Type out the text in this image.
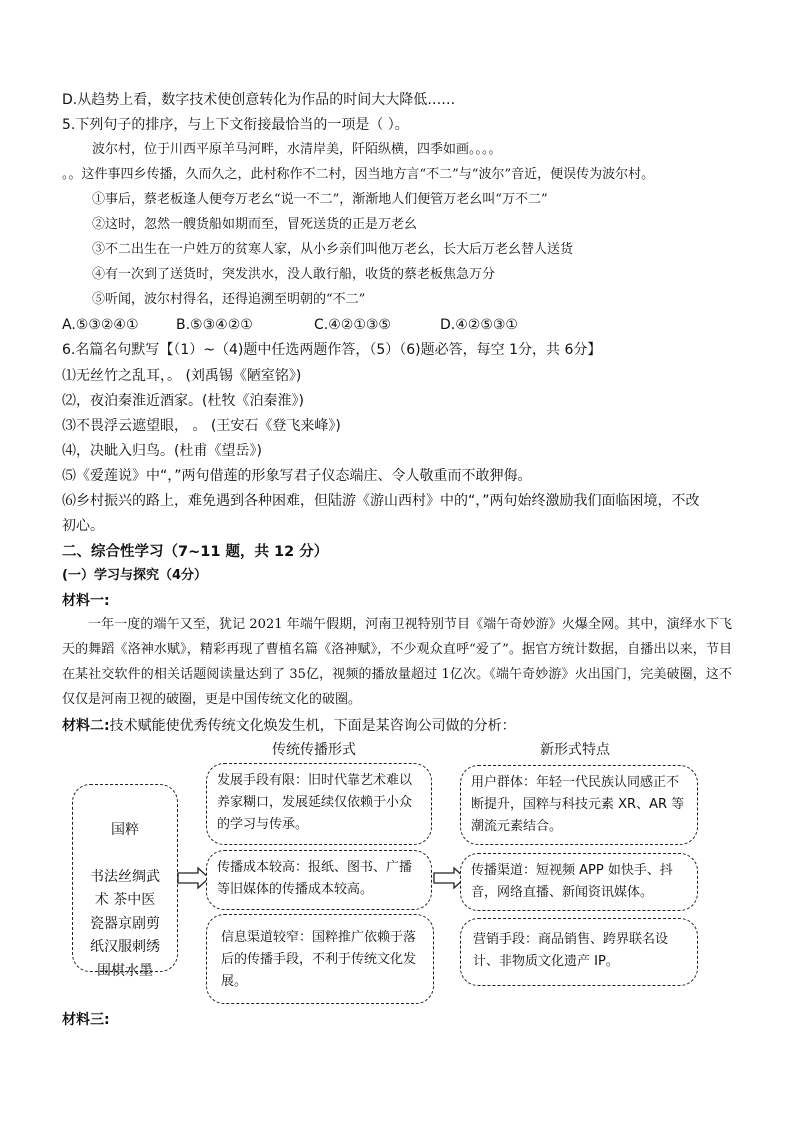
D.从趋势上看，数字技术使创意转化为作品的时间大大降低……
5.下列句子的排序，与上下文衔接最恰当的一项是（ ）。
波尔村，位于川西平原羊马河畔，水清岸美，阡陌纵横，四季如画。。。。
。。这件事四乡传播，久而久之，此村称作不二村，因当地方言“不二”与“波尔”音近，便误传为波尔村。
①事后，蔡老板逢人便夸万老幺“说一不二”，渐渐地人们便管万老幺叫“万不二”
②这时，忽然一艘货船如期而至，冒死送货的正是万老幺
③不二出生在一户姓万的贫寒人家，从小乡亲们叫他万老幺，长大后万老幺替人送货
④有一次到了送货时，突发洪水，没人敢行船，收货的蔡老板焦急万分
⑤听闻，波尔村得名，还得追溯至明朝的“不二”
A.⑤③②④①	B.⑤③④②①	C.④②①③⑤	D.④②⑤③①
6.名篇名句默写【（1）~（4)题中任选两题作答，（5）（6)题必答，每空 1分，共 6分】
⑴无丝竹之乱耳，。 (刘禹锡《陋室铭》)
⑵，夜泊秦淮近酒家。(杜牧《泊秦淮》)
⑶不畏浮云遮望眼， 。 (王安石《登飞来峰》)
⑷，决眦入归鸟。(杜甫《望岳》)
⑸《爱莲说》中“，”两句借莲的形象写君子仪态端庄、令人敬重而不敢狎侮。
⑹乡村振兴的路上，难免遇到各种困难，但陆游《游山西村》中的“，”两句始终激励我们面临困境，不改
初心。
二、综合性学习（7~11 题，共 12 分）
(一）学习与探究（4分）
材料一:
一年一度的端午又至，犹记 2021 年端午假期，河南卫视特别节目《端午奇妙游》火爆全网。其中，演绎水下飞天的舞蹈《洛神水赋》，精彩再现了曹植名篇《洛神赋》，不少观众直呼“爱了”。据官方统计数据，自播出以来，节目在某社交软件的相关话题阅读量达到了 35亿，视频的播放量超过 1亿次。《端午奇妙游》火出国门，完美破圈，这不仅仅是河南卫视的破圈，更是中国传统文化的破圈。
材料二:技术赋能使优秀传统文化焕发生机，下面是某咨询公司做的分析：
传统传播形式	新形式特点

国粹

书法丝绸武
术 茶中医
瓷器京剧剪
纸汉服刺绣
围棋水墨

发展手段有限：旧时代靠艺术难以养家糊口，发展延续仅依赖于小众的学习与传承。
传播成本较高：报纸、图书、广播等旧媒体的传播成本较高。
信息渠道较窄：国粹推广依赖于落后的传播手段，不利于传统文化发展。
用户群体：年轻一代民族认同感正不断提升，国粹与科技元素 XR、AR 等潮流元素结合。
传播渠道：短视频 APP 如快手、抖音，网络直播、新闻资讯媒体。
营销手段：商品销售、跨界联名设计、非物质文化遗产 IP。
材料三:
